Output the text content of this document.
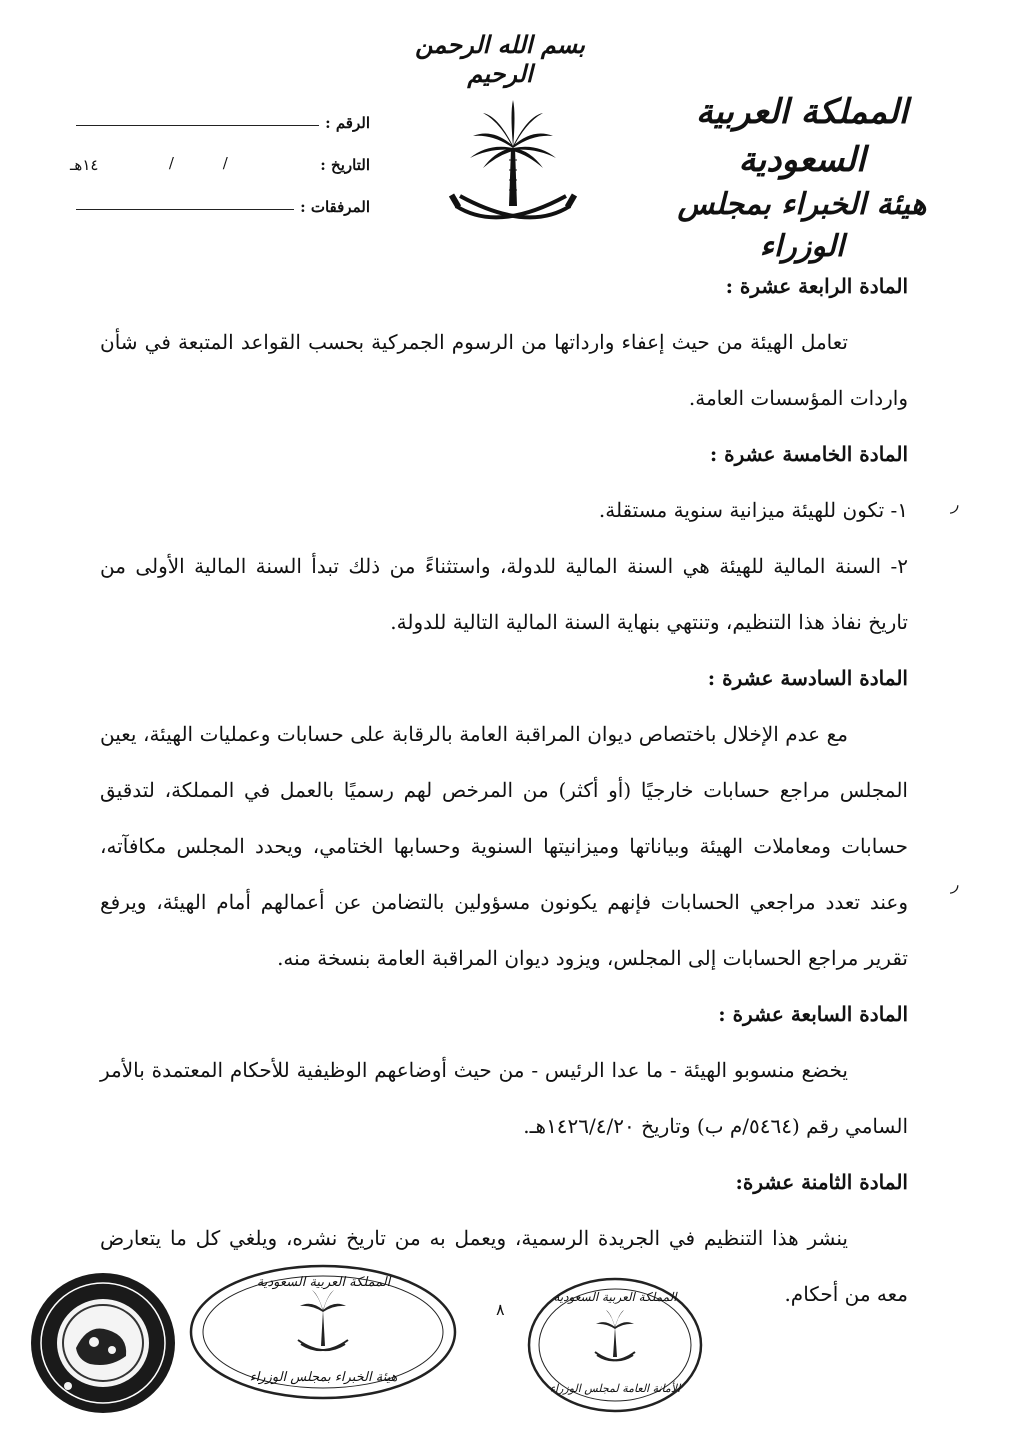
بسم الله الرحمن الرحيم
المملكة العربية السعودية
هيئة الخبراء بمجلس الوزراء
الرقم :
التاريخ :
/ /
١٤هـ
المرفقات :
المادة الرابعة عشرة :
تعامل الهيئة من حيث إعفاء وارداتها من الرسوم الجمركية بحسب القواعد المتبعة في شأن واردات المؤسسات العامة.
المادة الخامسة عشرة :
١- تكون للهيئة ميزانية سنوية مستقلة.
٢- السنة المالية للهيئة هي السنة المالية للدولة، واستثناءً من ذلك تبدأ السنة المالية الأولى من تاريخ نفاذ هذا التنظيم، وتنتهي بنهاية السنة المالية التالية للدولة.
المادة السادسة عشرة :
مع عدم الإخلال باختصاص ديوان المراقبة العامة بالرقابة على حسابات وعمليات الهيئة، يعين المجلس مراجع حسابات خارجيًا (أو أكثر) من المرخص لهم رسميًا بالعمل في المملكة، لتدقيق حسابات ومعاملات الهيئة وبياناتها وميزانيتها السنوية وحسابها الختامي، ويحدد المجلس مكافآته، وعند تعدد مراجعي الحسابات فإنهم يكونون مسؤولين بالتضامن عن أعمالهم أمام الهيئة، ويرفع تقرير مراجع الحسابات إلى المجلس، ويزود ديوان المراقبة العامة بنسخة منه.
المادة السابعة عشرة :
يخضع منسوبو الهيئة - ما عدا الرئيس - من حيث أوضاعهم الوظيفية للأحكام المعتمدة بالأمر السامي رقم (٥٤٦٤/م ب) وتاريخ ١٤٢٦/٤/٢٠هـ.
المادة الثامنة عشرة:
ينشر هذا التنظيم في الجريدة الرسمية، ويعمل به من تاريخ نشره، ويلغي كل ما يتعارض معه من أحكام.
◞
◞
٨
المملكة العربية السعودية
هيئة الخبراء بمجلس الوزراء
المملكة العربية السعودية
الأمانة العامة لمجلس الوزراء
